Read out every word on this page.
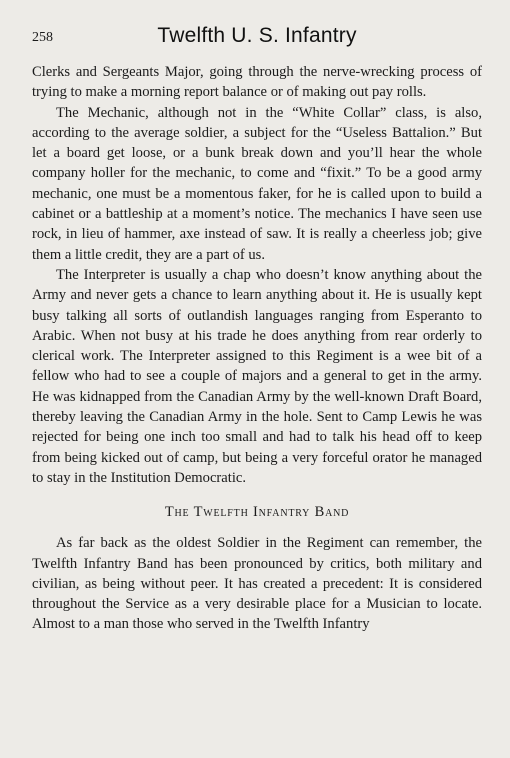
258	Twelfth U. S. Infantry

Clerks and Sergeants Major, going through the nerve-wrecking process of trying to make a morning report balance or of making out pay rolls.

The Mechanic, although not in the “White Collar” class, is also, according to the average soldier, a subject for the “Useless Battalion.” But let a board get loose, or a bunk break down and you’ll hear the whole company holler for the mechanic, to come and “fixit.” To be a good army mechanic, one must be a momentous faker, for he is called upon to build a cabinet or a battleship at a moment’s notice. The mechanics I have seen use rock, in lieu of hammer, axe instead of saw. It is really a cheerless job; give them a little credit, they are a part of us.

The Interpreter is usually a chap who doesn’t know anything about the Army and never gets a chance to learn anything about it. He is usually kept busy talking all sorts of outlandish languages ranging from Esperanto to Arabic. When not busy at his trade he does anything from rear orderly to clerical work. The Interpreter assigned to this Regiment is a wee bit of a fellow who had to see a couple of majors and a general to get in the army. He was kidnapped from the Canadian Army by the well-known Draft Board, thereby leaving the Canadian Army in the hole. Sent to Camp Lewis he was rejected for being one inch too small and had to talk his head off to keep from being kicked out of camp, but being a very forceful orator he managed to stay in the Institution Democratic.

The Twelfth Infantry Band

As far back as the oldest Soldier in the Regiment can remember, the Twelfth Infantry Band has been pronounced by critics, both military and civilian, as being without peer. It has created a precedent: It is considered throughout the Service as a very desirable place for a Musician to locate. Almost to a man those who served in the Twelfth Infantry
